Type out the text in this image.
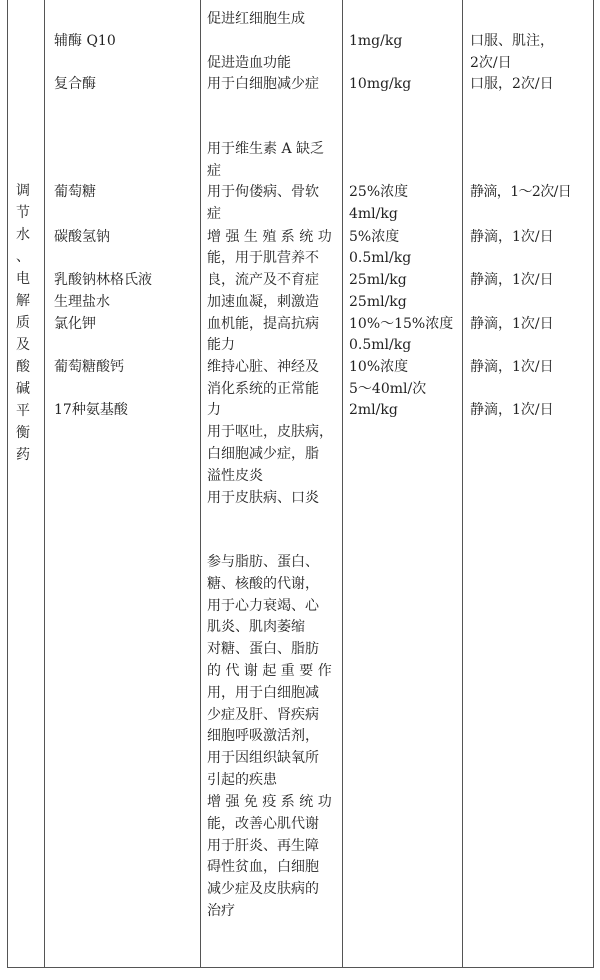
调
节
水
、
电
解
质
及
酸
碱
平
衡
药
辅酶 Q10
复合酶
葡萄糖
碳酸氢钠
乳酸钠林格氏液
生理盐水
氯化钾
葡萄糖酸钙
17种氨基酸
促进红细胞生成
促进造血功能
用于白细胞减少症
用于维生素 A 缺乏
症
用于佝偻病、骨软
症
增 强 生 殖 系 统 功
能，用于肌营养不
良，流产及不育症
加速血凝，刺激造
血机能，提高抗病
能力
维持心脏、神经及
消化系统的正常能
力
用于呕吐，皮肤病，
白细胞减少症，脂
溢性皮炎
用于皮肤病、口炎
参与脂肪、蛋白、
糖、核酸的代谢，
用于心力衰竭、心
肌炎、肌肉萎缩
对糖、蛋白、脂肪
的 代 谢 起 重 要 作
用，用于白细胞减
少症及肝、肾疾病
细胞呼吸激活剂，
用于因组织缺氧所
引起的疾患
增 强 免 疫 系 统 功
能，改善心肌代谢
用于肝炎、再生障
碍性贫血，白细胞
减少症及皮肤病的
治疗
1mg/kg
10mg/kg
25%浓度
4ml/kg
5%浓度
0.5ml/kg
25ml/kg
25ml/kg
10%～15%浓度
0.5ml/kg
10%浓度
5～40ml/次
2ml/kg
口服、肌注，
2次/日
口服，2次/日
静滴，1～2次/日
静滴，1次/日
静滴，1次/日
静滴，1次/日
静滴，1次/日
静滴，1次/日
